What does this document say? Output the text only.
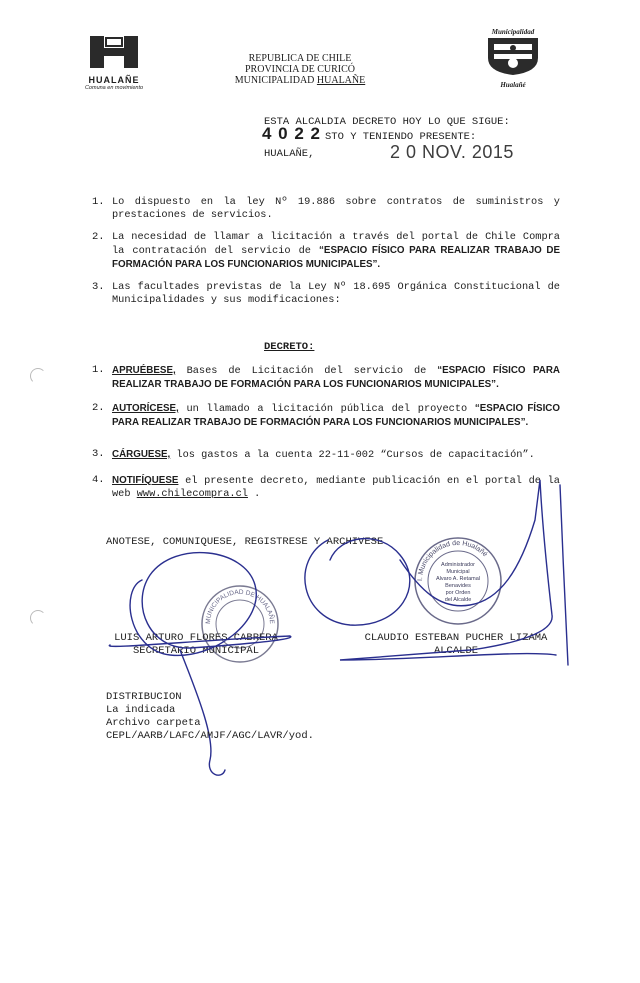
HUALAÑE
Comuna en movimiento
REPUBLICA DE CHILE
PROVINCIA DE CURICÓ
MUNICIPALIDAD HUALAÑE
Municipalidad
Hualañé
ESTA ALCALDIA DECRETO HOY LO QUE SIGUE:
4 0 2 2 STO Y TENIENDO PRESENTE:
HUALAÑE,	2 0 NOV. 2015
1. Lo dispuesto en la ley Nº 19.886 sobre contratos de suministros y prestaciones de servicios.
2. La necesidad de llamar a licitación a través del portal de Chile Compra la contratación del servicio de “ESPACIO FÍSICO PARA REALIZAR TRABAJO DE FORMACIÓN PARA LOS FUNCIONARIOS MUNICIPALES”.
3. Las facultades previstas de la Ley Nº 18.695 Orgánica Constitucional de Municipalidades y sus modificaciones:
DECRETO:
1. APRUÉBESE, Bases de Licitación del servicio de “ESPACIO FÍSICO PARA REALIZAR TRABAJO DE FORMACIÓN PARA LOS FUNCIONARIOS MUNICIPALES”.
2. AUTORÍCESE, un llamado a licitación pública del proyecto “ESPACIO FÍSICO PARA REALIZAR TRABAJO DE FORMACIÓN PARA LOS FUNCIONARIOS MUNICIPALES”.
3. CÁRGUESE, los gastos a la cuenta 22-11-002 “Cursos de capacitación”.
4. NOTIFÍQUESE el presente decreto, mediante publicación en el portal de la web www.chilecompra.cl .
ANOTESE, COMUNIQUESE, REGISTRESE Y ARCHIVESE
MUNICIPALIDAD DE HUALAÑE
I. Municipalidad de Hualañé
Administrador
Municipal
Alvaro A. Retamal
Benavides
por Orden
del Alcalde
LUIS ARTURO FLORES CABRERA
SECRETARIO MUNICIPAL
CLAUDIO ESTEBAN PUCHER LIZAMA
ALCALDE
DISTRIBUCION
La indicada
Archivo carpeta
CEPL/AARB/LAFC/AMJF/AGC/LAVR/yod.
